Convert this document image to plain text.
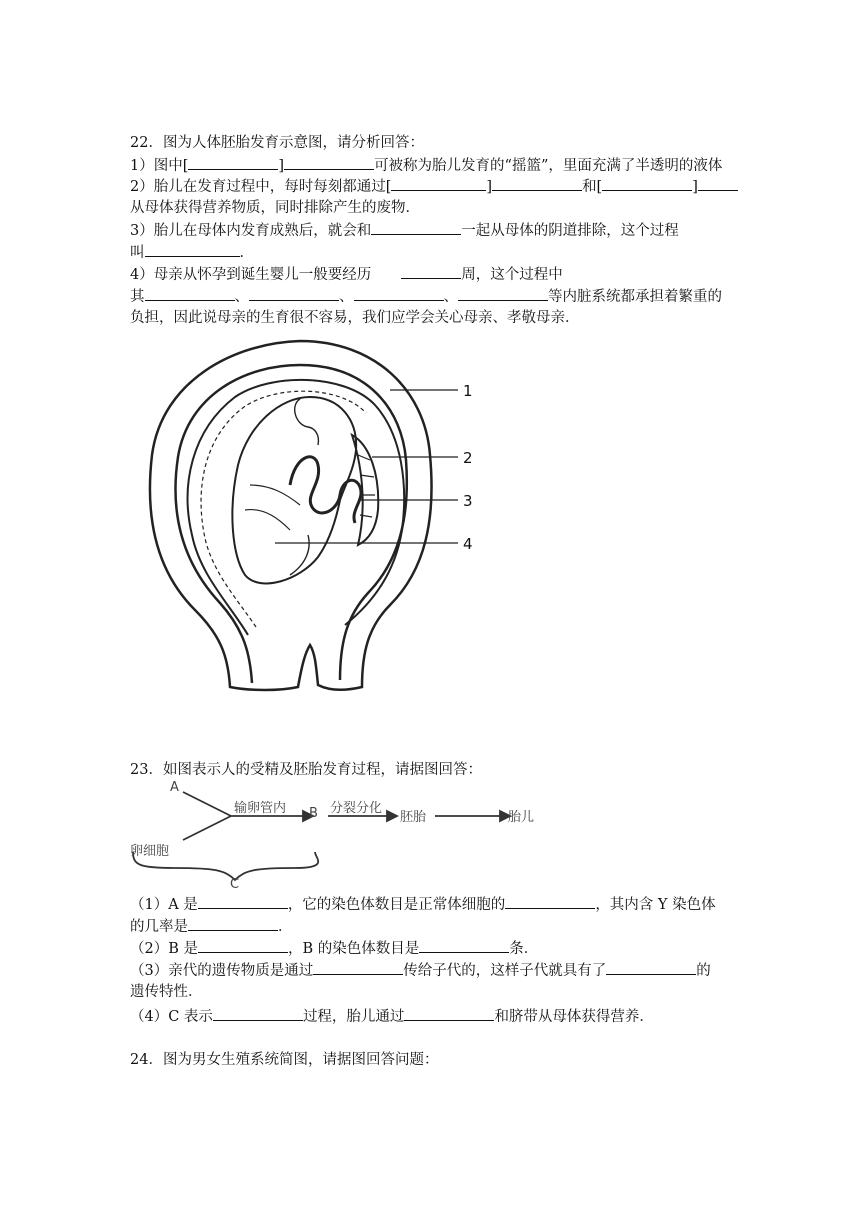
22．图为人体胚胎发育示意图，请分析回答：
1）图中[	]	可被称为胎儿发育的“摇篮”，里面充满了半透明的液体
2）胎儿在发育过程中，每时每刻都通过[	]	和[	]
从母体获得营养物质，同时排除产生的废物．
3）胎儿在母体内发育成熟后，就会和	一起从母体的阴道排除，这个过程
叫	．
4）母亲从怀孕到诞生婴儿一般要经历	周，这个过程中
其	、	、	、	等内脏系统都承担着繁重的
负担，因此说母亲的生育很不容易，我们应学会关心母亲、孝敬母亲．
1
2
3
4
23．如图表示人的受精及胚胎发育过程，请据图回答：
A
卵细胞
输卵管内 B 分裂分化
胚胎	胎儿
C
（1）A 是	，它的染色体数目是正常体细胞的	，其内含 Y 染色体
的几率是	．
（2）B 是	，B 的染色体数目是	条．
（3）亲代的遗传物质是通过	传给子代的，这样子代就具有了	的
遗传特性．
（4）C 表示	过程，胎儿通过	和脐带从母体获得营养．
24．图为男女生殖系统简图，请据图回答问题：
